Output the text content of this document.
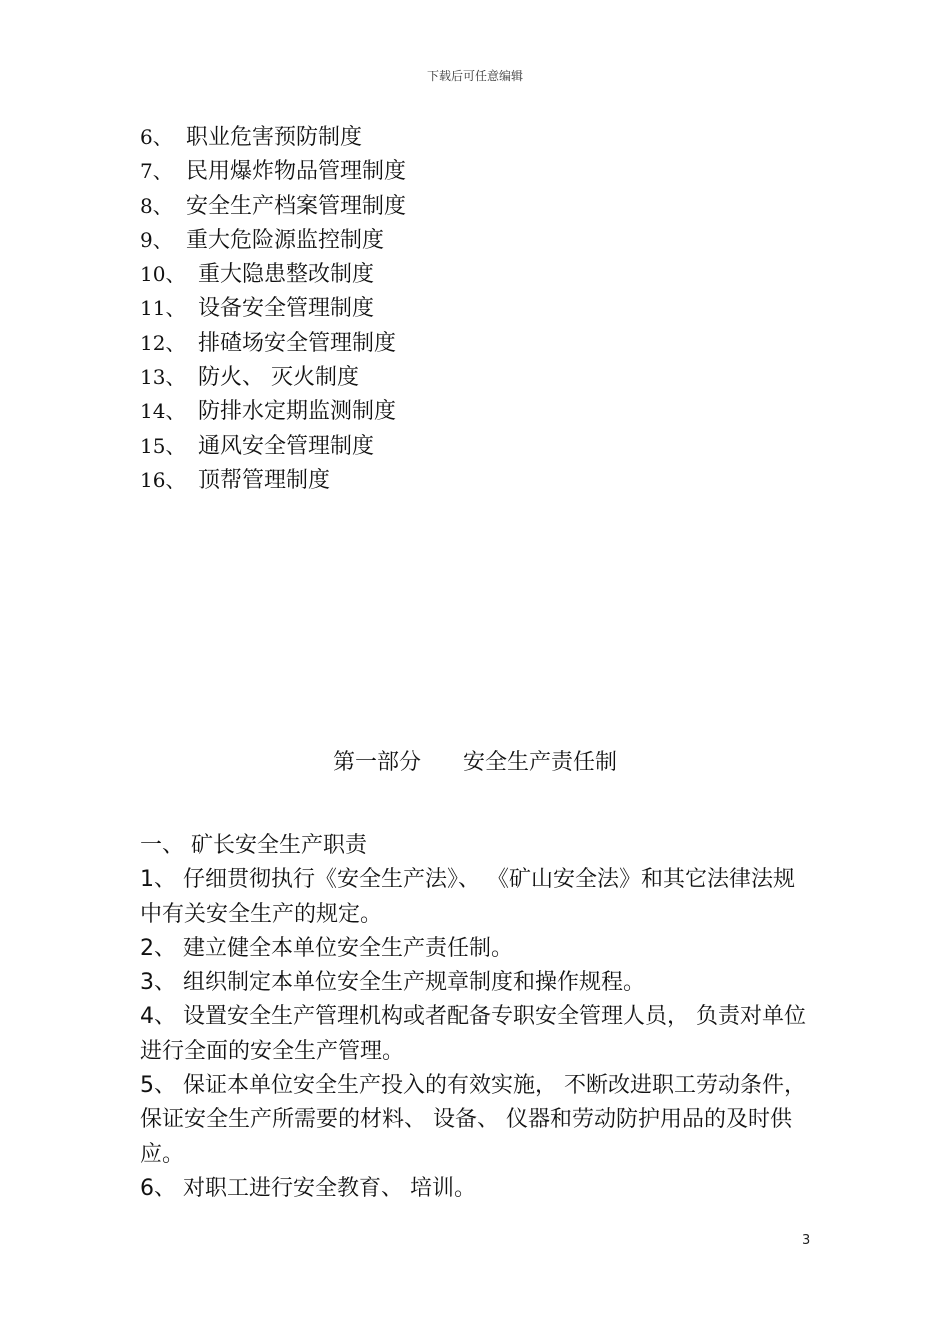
下载后可任意编辑
6、 职业危害预防制度
7、 民用爆炸物品管理制度
8、 安全生产档案管理制度
9、 重大危险源监控制度
10、 重大隐患整改制度
11、 设备安全管理制度
12、 排碴场安全管理制度
13、 防火、 灭火制度
14、 防排水定期监测制度
15、 通风安全管理制度
16、 顶帮管理制度
第一部分      安全生产责任制

一、 矿长安全生产职责

1、 仔细贯彻执行《安全生产法》、 《矿山安全法》和其它法律法规中有关安全生产的规定。

2、 建立健全本单位安全生产责任制。

3、 组织制定本单位安全生产规章制度和操作规程。

4、 设置安全生产管理机构或者配备专职安全管理人员， 负责对单位进行全面的安全生产管理。

5、 保证本单位安全生产投入的有效实施， 不断改进职工劳动条件， 保证安全生产所需要的材料、 设备、 仪器和劳动防护用品的及时供应。

6、 对职工进行安全教育、 培训。

3
